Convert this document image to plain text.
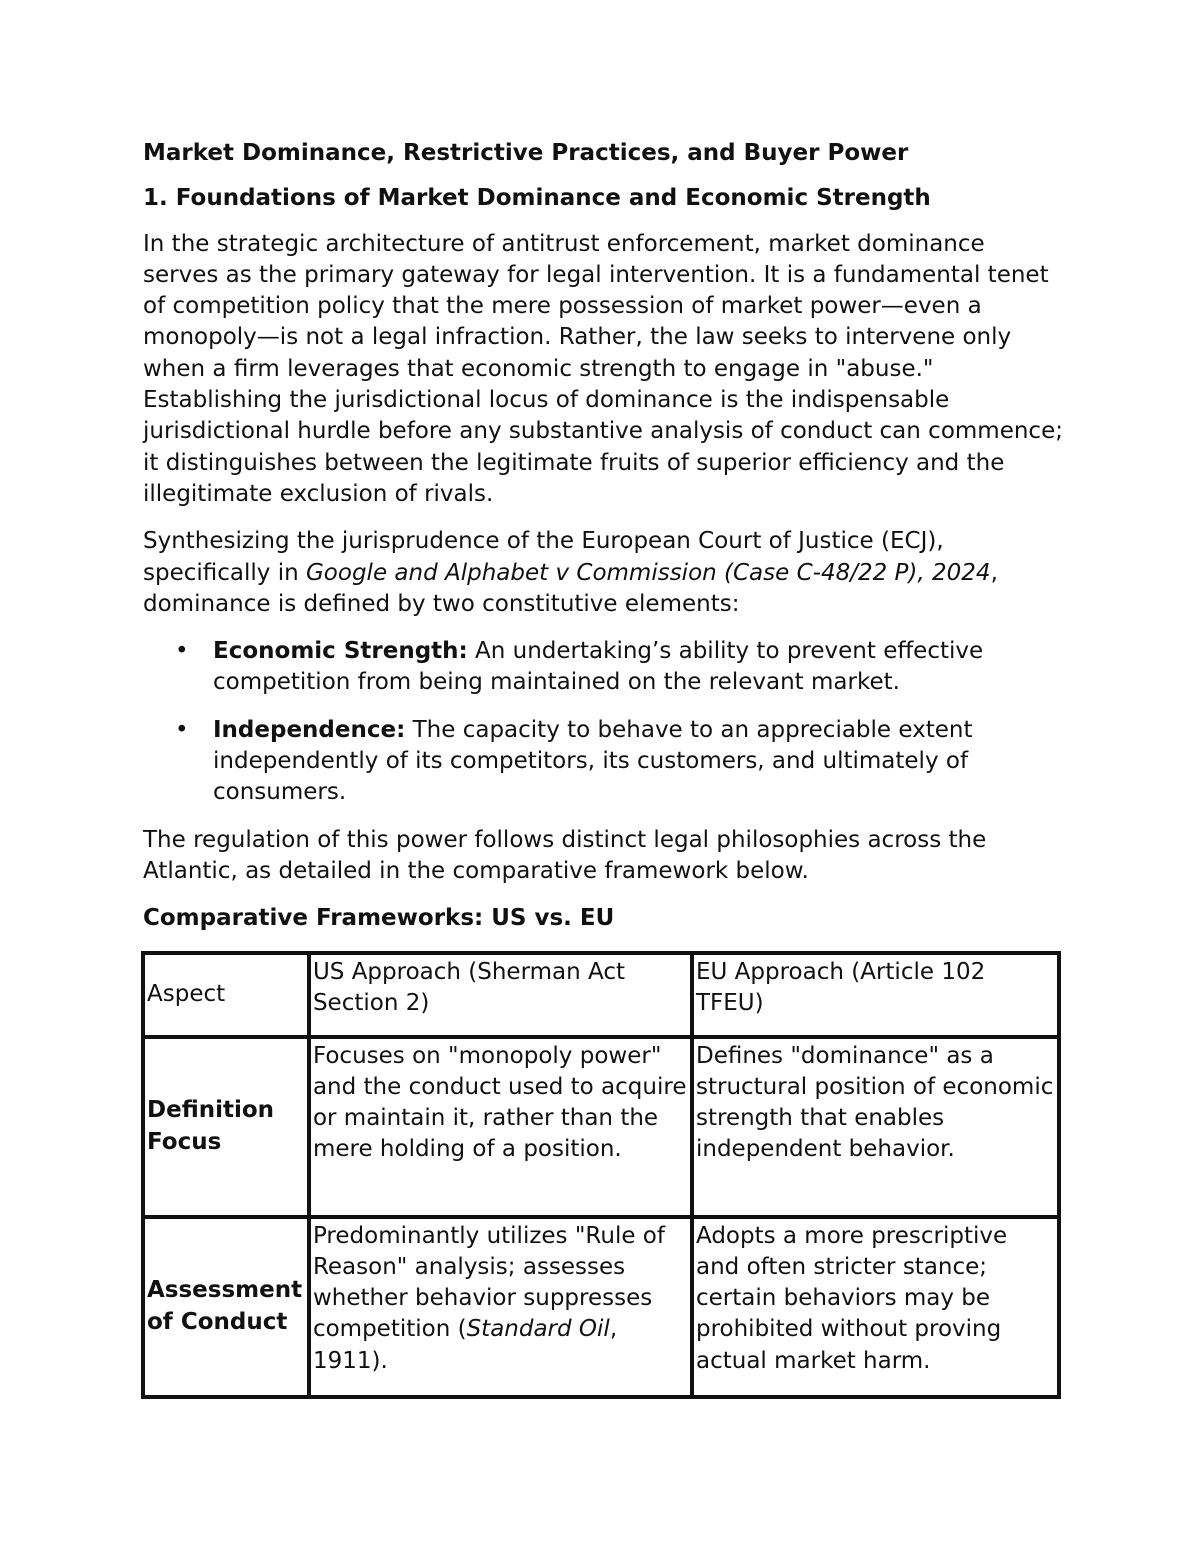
Market Dominance, Restrictive Practices, and Buyer Power
1. Foundations of Market Dominance and Economic Strength

In the strategic architecture of antitrust enforcement, market dominance serves as the primary gateway for legal intervention. It is a fundamental tenet of competition policy that the mere possession of market power—even a monopoly—is not a legal infraction. Rather, the law seeks to intervene only when a firm leverages that economic strength to engage in "abuse." Establishing the jurisdictional locus of dominance is the indispensable jurisdictional hurdle before any substantive analysis of conduct can commence; it distinguishes between the legitimate fruits of superior efficiency and the illegitimate exclusion of rivals.

Synthesizing the jurisprudence of the European Court of Justice (ECJ), specifically in Google and Alphabet v Commission (Case C-48/22 P), 2024, dominance is defined by two constitutive elements:

• Economic Strength: An undertaking’s ability to prevent effective competition from being maintained on the relevant market.
• Independence: The capacity to behave to an appreciable extent independently of its competitors, its customers, and ultimately of consumers.

The regulation of this power follows distinct legal philosophies across the Atlantic, as detailed in the comparative framework below.

Comparative Frameworks: US vs. EU
Aspect	US Approach (Sherman Act Section 2)	EU Approach (Article 102 TFEU)
Definition Focus	Focuses on "monopoly power" and the conduct used to acquire or maintain it, rather than the mere holding of a position.	Defines "dominance" as a structural position of economic strength that enables independent behavior.
Assessment of Conduct	Predominantly utilizes "Rule of Reason" analysis; assesses whether behavior suppresses competition (Standard Oil, 1911).	Adopts a more prescriptive and often stricter stance; certain behaviors may be prohibited without proving actual market harm.
